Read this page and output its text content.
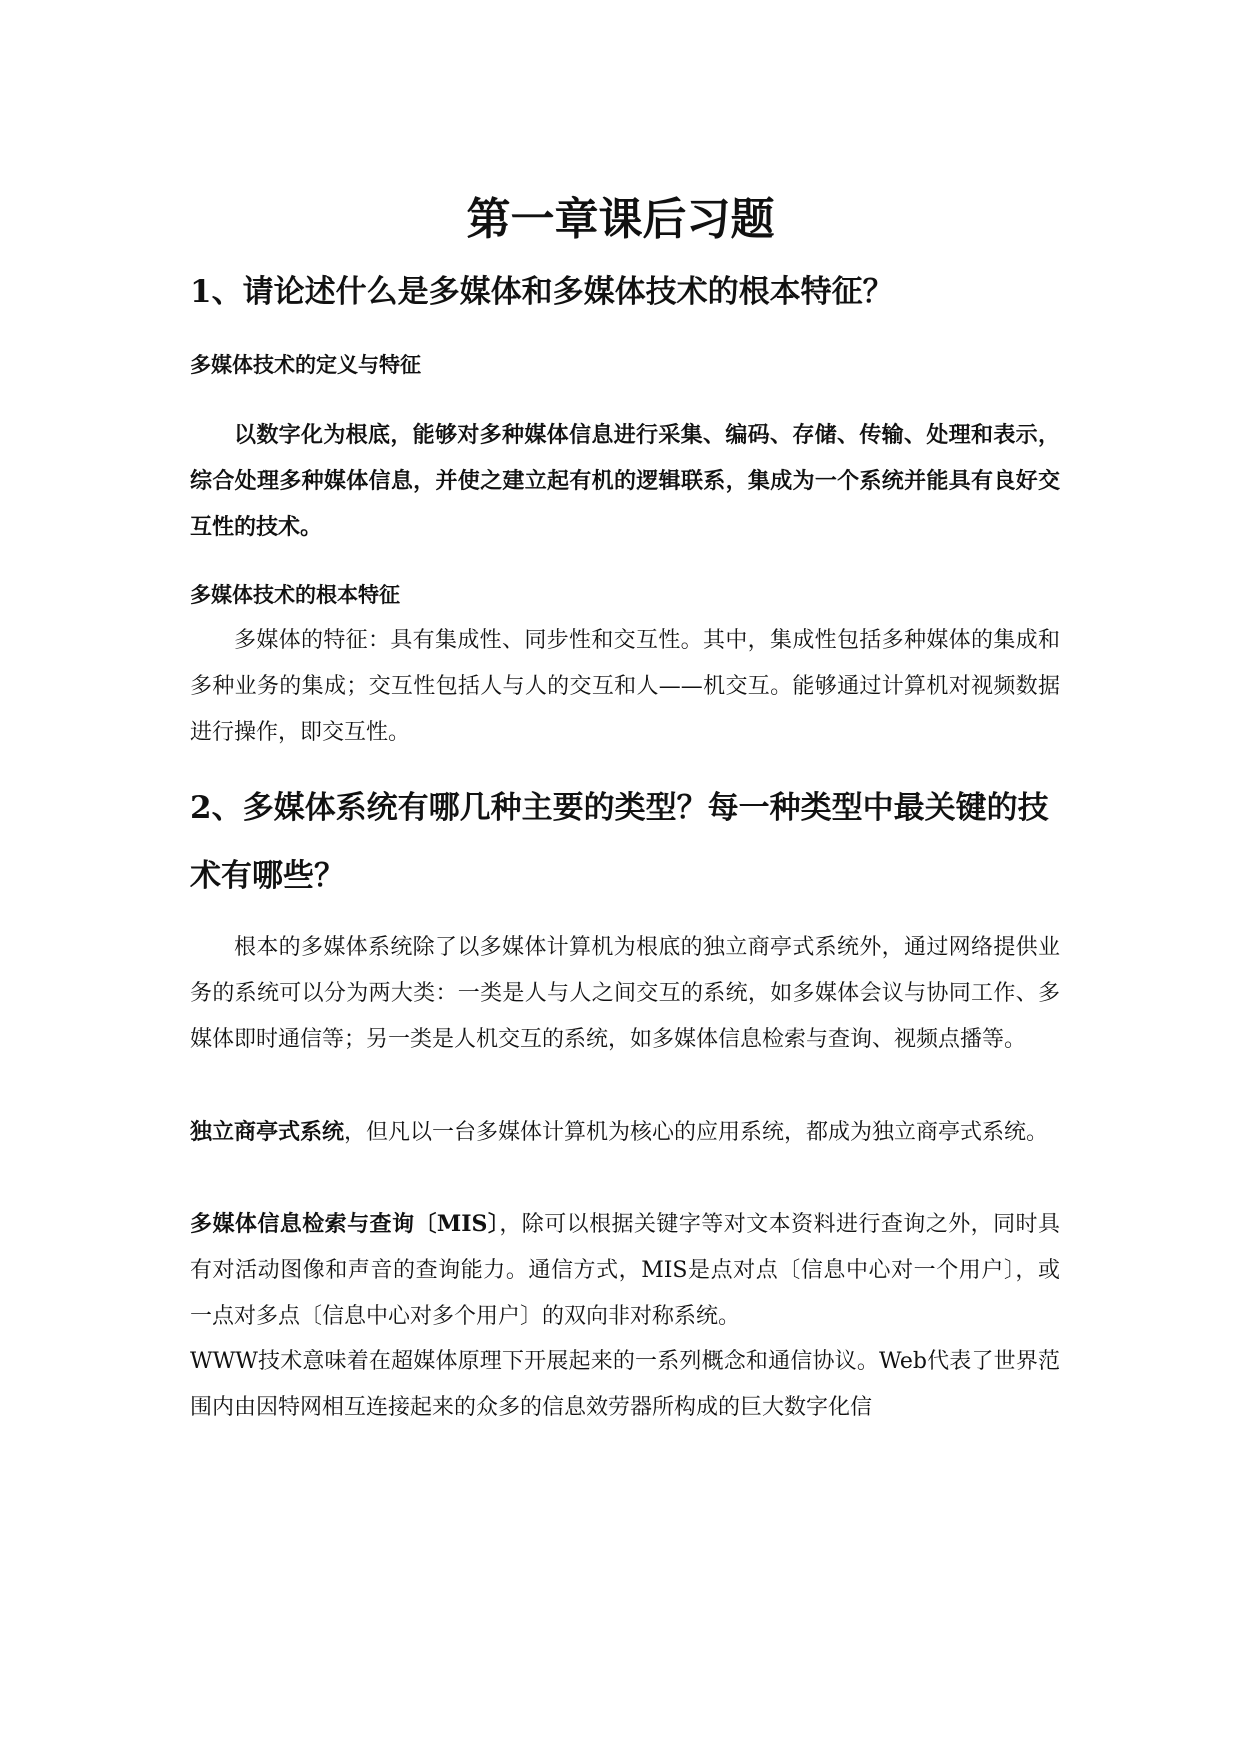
第一章课后习题
1、请论述什么是多媒体和多媒体技术的根本特征？
多媒体技术的定义与特征

以数字化为根底，能够对多种媒体信息进行采集、编码、存储、传输、处理和表示，综合处理多种媒体信息，并使之建立起有机的逻辑联系，集成为一个系统并能具有良好交互性的技术。

多媒体技术的根本特征

多媒体的特征：具有集成性、同步性和交互性。其中，集成性包括多种媒体的集成和多种业务的集成；交互性包括人与人的交互和人——机交互。能够通过计算机对视频数据进行操作，即交互性。

2、多媒体系统有哪几种主要的类型？每一种类型中最关键的技术有哪些？

根本的多媒体系统除了以多媒体计算机为根底的独立商亭式系统外，通过网络提供业务的系统可以分为两大类：一类是人与人之间交互的系统，如多媒体会议与协同工作、多媒体即时通信等；另一类是人机交互的系统，如多媒体信息检索与查询、视频点播等。

独立商亭式系统，但凡以一台多媒体计算机为核心的应用系统，都成为独立商亭式系统。

多媒体信息检索与查询〔MIS〕，除可以根据关键字等对文本资料进行查询之外，同时具有对活动图像和声音的查询能力。通信方式，MIS是点对点〔信息中心对一个用户〕，或一点对多点〔信息中心对多个用户〕的双向非对称系统。

WWW技术意味着在超媒体原理下开展起来的一系列概念和通信协议。Web代表了世界范围内由因特网相互连接起来的众多的信息效劳器所构成的巨大数字化信
